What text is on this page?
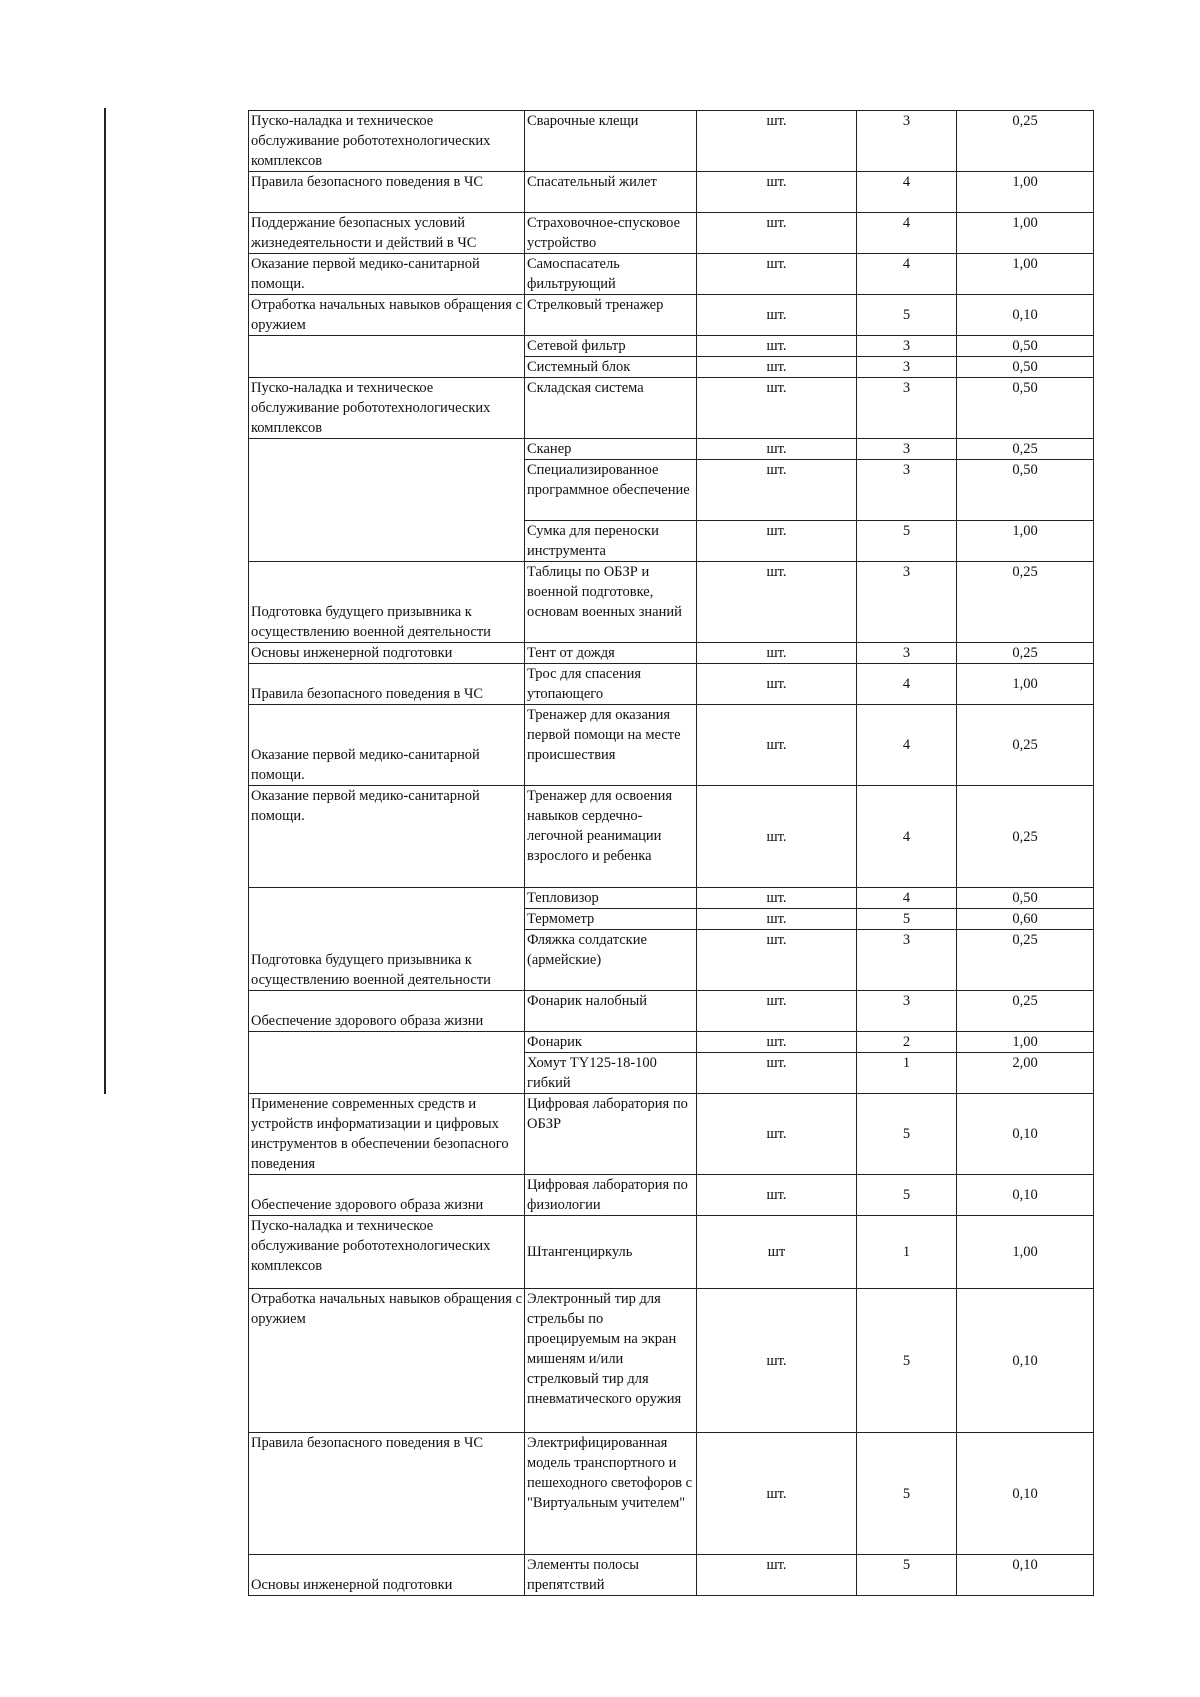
Пуско-наладка и техническое обслуживание робототехнологических комплексов	Сварочные клещи	шт.	3	0,25
Правила безопасного поведения в ЧС	Спасательный жилет	шт.	4	1,00
Поддержание безопасных условий жизнедеятельности и действий в ЧС	Страховочное-спусковое устройство	шт.	4	1,00
Оказание первой медико-санитарной помощи.	Самоспасатель фильтрующий	шт.	4	1,00
Отработка начальных навыков обращения с оружием	Стрелковый тренажер	шт.	5	0,10
	Сетевой фильтр	шт.	3	0,50
	Системный блок	шт.	3	0,50
Пуско-наладка и техническое обслуживание робототехнологических комплексов	Складская система	шт.	3	0,50
	Сканер	шт.	3	0,25
	Специализированное программное обеспечение	шт.	3	0,50
	Сумка для переноски инструмента	шт.	5	1,00
Подготовка будущего призывника к осуществлению военной деятельности	Таблицы по ОБЗР и военной подготовке, основам военных знаний	шт.	3	0,25
Основы инженерной подготовки	Тент от дождя	шт.	3	0,25
Правила безопасного поведения в ЧС	Трос для спасения утопающего	шт.	4	1,00
Оказание первой медико-санитарной помощи.	Тренажер для оказания первой помощи на месте происшествия	шт.	4	0,25
Оказание первой медико-санитарной помощи.	Тренажер для освоения навыков сердечно-легочной реанимации взрослого и ребенка	шт.	4	0,25
Подготовка будущего призывника к осуществлению военной деятельности	Тепловизор	шт.	4	0,50
	Термометр	шт.	5	0,60
	Фляжка солдатские (армейские)	шт.	3	0,25
Обеспечение здорового образа жизни	Фонарик налобный	шт.	3	0,25
	Фонарик	шт.	2	1,00
	Хомут TY125-18-100 гибкий	шт.	1	2,00
Применение современных средств и устройств информатизации и цифровых инструментов в обеспечении безопасного поведения	Цифровая лаборатория по ОБЗР	шт.	5	0,10
Обеспечение здорового образа жизни	Цифровая лаборатория по физиологии	шт.	5	0,10
Пуско-наладка и техническое обслуживание робототехнологических комплексов	Штангенциркуль	шт	1	1,00
Отработка начальных навыков обращения с оружием	Электронный тир для стрельбы по проецируемым на экран мишеням и/или стрелковый тир для пневматического оружия	шт.	5	0,10
Правила безопасного поведения в ЧС	Электрифицированная модель транспортного и пешеходного светофоров с "Виртуальным учителем"	шт.	5	0,10
Основы инженерной подготовки	Элементы полосы препятствий	шт.	5	0,10
